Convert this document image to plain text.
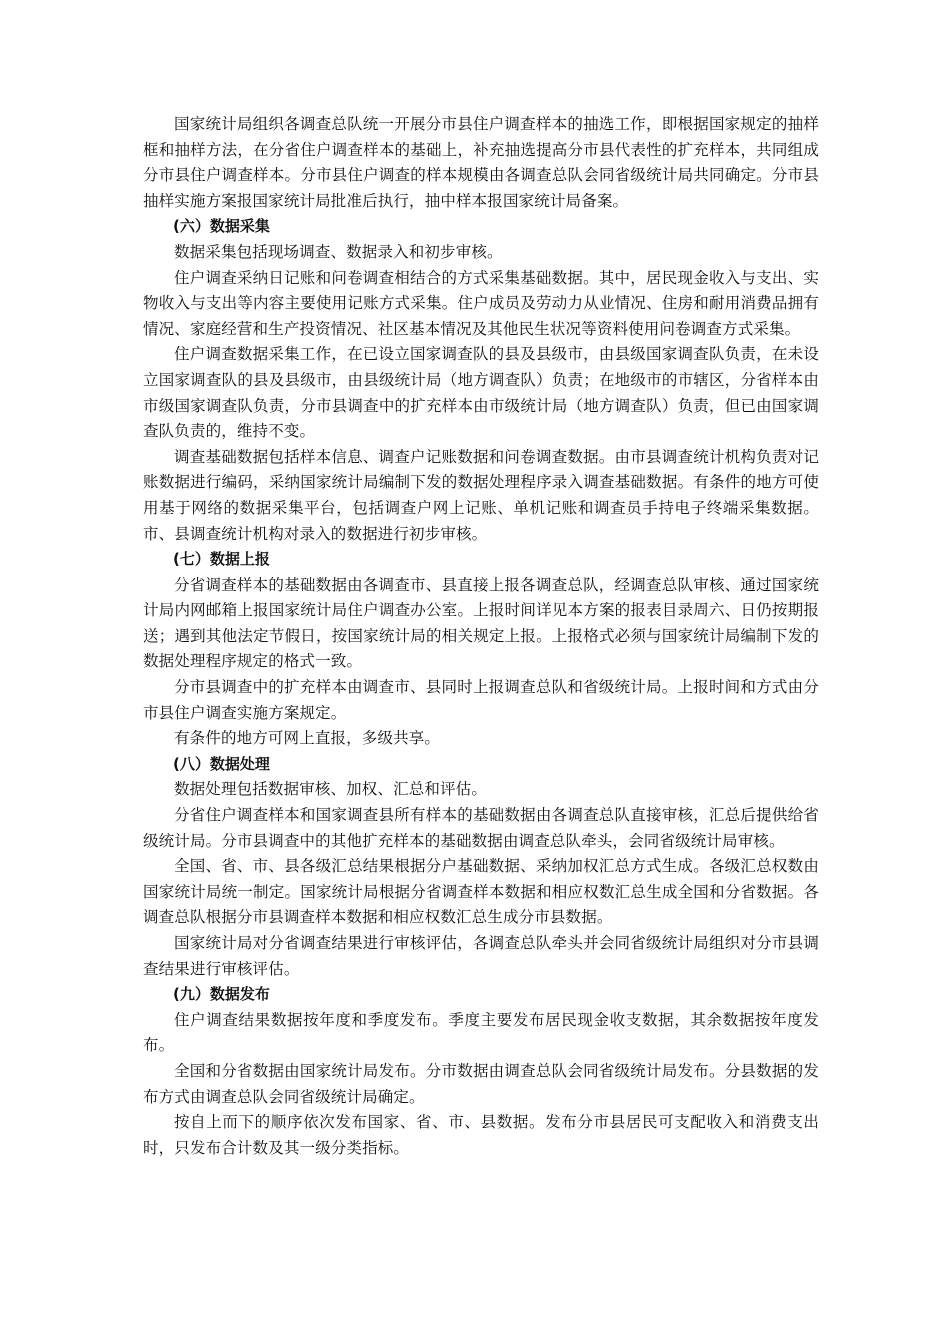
国家统计局组织各调查总队统一开展分市县住户调查样本的抽选工作，即根据国家规定的抽样框和抽样方法，在分省住户调查样本的基础上，补充抽选提高分市县代表性的扩充样本，共同组成分市县住户调查样本。分市县住户调查的样本规模由各调查总队会同省级统计局共同确定。分市县抽样实施方案报国家统计局批准后执行，抽中样本报国家统计局备案。

(六）数据采集

数据采集包括现场调查、数据录入和初步审核。

住户调查采纳日记账和问卷调查相结合的方式采集基础数据。其中，居民现金收入与支出、实物收入与支出等内容主要使用记账方式采集。住户成员及劳动力从业情况、住房和耐用消费品拥有情况、家庭经营和生产投资情况、社区基本情况及其他民生状况等资料使用问卷调查方式采集。

住户调查数据采集工作，在已设立国家调查队的县及县级市，由县级国家调查队负责，在未设立国家调查队的县及县级市，由县级统计局（地方调查队）负责；在地级市的市辖区，分省样本由市级国家调查队负责，分市县调查中的扩充样本由市级统计局（地方调查队）负责，但已由国家调查队负责的，维持不变。

调查基础数据包括样本信息、调查户记账数据和问卷调查数据。由市县调查统计机构负责对记账数据进行编码，采纳国家统计局编制下发的数据处理程序录入调查基础数据。有条件的地方可使用基于网络的数据采集平台，包括调查户网上记账、单机记账和调查员手持电子终端采集数据。市、县调查统计机构对录入的数据进行初步审核。

(七）数据上报

分省调查样本的基础数据由各调查市、县直接上报各调查总队，经调查总队审核、通过国家统计局内网邮箱上报国家统计局住户调查办公室。上报时间详见本方案的报表目录周六、日仍按期报送；遇到其他法定节假日，按国家统计局的相关规定上报。上报格式必须与国家统计局编制下发的数据处理程序规定的格式一致。

分市县调查中的扩充样本由调查市、县同时上报调查总队和省级统计局。上报时间和方式由分市县住户调查实施方案规定。

有条件的地方可网上直报，多级共享。

(八）数据处理

数据处理包括数据审核、加权、汇总和评估。

分省住户调查样本和国家调查县所有样本的基础数据由各调查总队直接审核，汇总后提供给省级统计局。分市县调查中的其他扩充样本的基础数据由调查总队牵头，会同省级统计局审核。

全国、省、市、县各级汇总结果根据分户基础数据、采纳加权汇总方式生成。各级汇总权数由国家统计局统一制定。国家统计局根据分省调查样本数据和相应权数汇总生成全国和分省数据。各调查总队根据分市县调查样本数据和相应权数汇总生成分市县数据。

国家统计局对分省调查结果进行审核评估，各调查总队牵头并会同省级统计局组织对分市县调查结果进行审核评估。

(九）数据发布

住户调查结果数据按年度和季度发布。季度主要发布居民现金收支数据，其余数据按年度发布。

全国和分省数据由国家统计局发布。分市数据由调查总队会同省级统计局发布。分县数据的发布方式由调查总队会同省级统计局确定。

按自上而下的顺序依次发布国家、省、市、县数据。发布分市县居民可支配收入和消费支出时，只发布合计数及其一级分类指标。
